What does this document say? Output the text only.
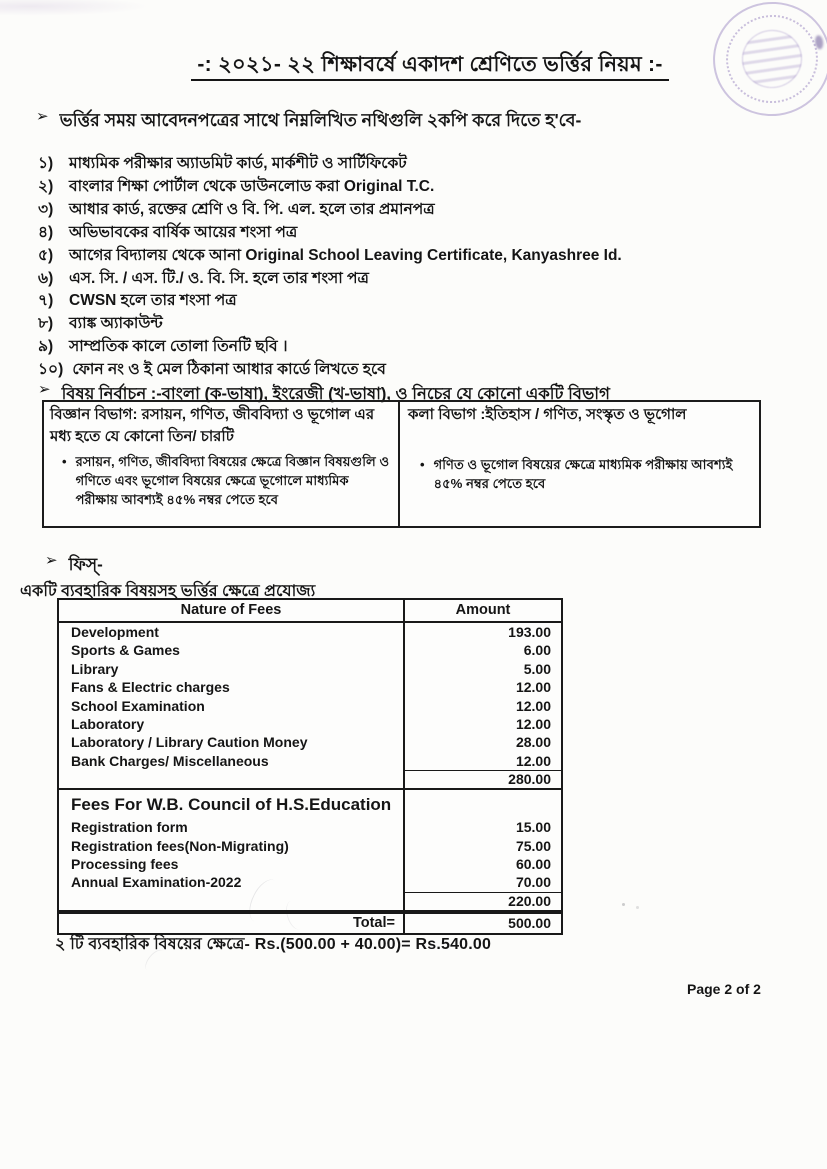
-: ২০২১- ২২ শিক্ষাবর্ষে একাদশ শ্রেণিতে ভর্ত্তির নিয়ম :-
➢ ভর্ত্তির সময় আবেদনপত্রের সাথে নিম্নলিখিত নথিগুলি ২কপি করে দিতে হ'বে-
১)	মাধ্যমিক পরীক্ষার অ্যাডমিট কার্ড, মার্কশীট ও সার্টিফিকেট
২)	বাংলার শিক্ষা পোর্টাল থেকে ডাউনলোড করা Original T.C.
৩)	আধার কার্ড, রক্তের শ্রেণি ও বি. পি. এল. হলে তার প্রমানপত্র
৪)	অভিভাবকের বার্ষিক আয়ের শংসা পত্র
৫)	আগের বিদ্যালয় থেকে আনা Original School Leaving Certificate, Kanyashree Id.
৬)	এস. সি. / এস. টি./ ও. বি. সি. হলে তার শংসা পত্র
৭)	CWSN হলে তার শংসা পত্র
৮)	ব্যাঙ্ক অ্যাকাউন্ট
৯)	সাম্প্রতিক কালে তোলা তিনটি ছবি ।
১০) ফোন নং ও ই মেল ঠিকানা আধার কার্ডে লিখতে হবে
➢ বিষয় নির্বাচন :-বাংলা (ক-ভাষা), ইংরেজী (খ-ভাষা), ও নিচের যে কোনো একটি বিভাগ
বিজ্ঞান বিভাগ: রসায়ন, গণিত, জীববিদ্যা ও ভূগোল এর মধ্য হতে যে কোনো তিন/ চারটি
• রসায়ন, গণিত, জীববিদ্যা বিষয়ের ক্ষেত্রে বিজ্ঞান বিষয়গুলি ও গণিতে এবং ভূগোল বিষয়ের ক্ষেত্রে ভূগোলে মাধ্যমিক পরীক্ষায় আবশ্যই ৪৫% নম্বর পেতে হবে
কলা বিভাগ :ইতিহাস / গণিত, সংস্কৃত ও ভূগোল
• গণিত ও ভূগোল বিষয়ের ক্ষেত্রে মাধ্যমিক পরীক্ষায় আবশ্যই ৪৫% নম্বর পেতে হবে
➢ ফিস্-
একটি ব্যবহারিক বিষয়সহ ভর্ত্তির ক্ষেত্রে প্রযোজ্য
Nature of Fees	Amount
Development	193.00
Sports & Games	6.00
Library	5.00
Fans & Electric charges	12.00
School Examination	12.00
Laboratory	12.00
Laboratory / Library Caution Money	28.00
Bank Charges/ Miscellaneous	12.00
280.00
Fees For W.B. Council of H.S.Education
Registration form	15.00
Registration fees(Non-Migrating)	75.00
Processing fees	60.00
Annual Examination-2022	70.00
220.00
Total=	500.00
২ টি ব্যবহারিক বিষয়ের ক্ষেত্রে- Rs.(500.00 + 40.00)= Rs.540.00
Page 2 of 2
